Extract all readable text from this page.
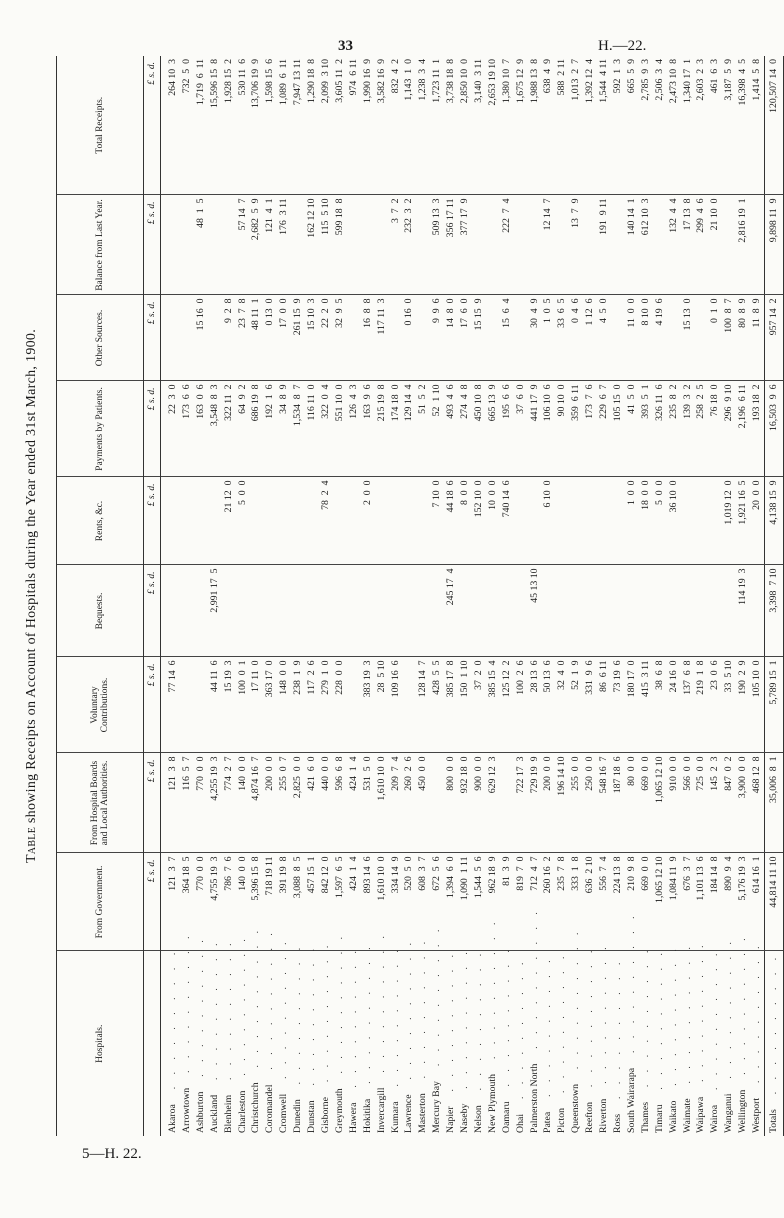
33	H.—22.
Table showing Receipts on Account of Hospitals during the Year ended 31st March, 1900.
Hospitals.	From Government.	From Hospital Boards and Local Authorities.	Voluntary Contributions.	Bequests.	Rents, &c.	Payments by Patients.	Other Sources.	Balance from Last Year.	Total Receipts.
	£ s. d.	£ s. d.	£ s. d.	£ s. d.	£ s. d.	£ s. d.	£ s. d.	£ s. d.	£ s. d.
Akaroa  . . . . . . . . . .	121  3  7	121  3  8	77 14  6			22  3  0			264 10  3
Arrowtown  . . . . . . . . . .	364 18  5	116  5  7				173  6  6			732  5  0
Ashburton  . . . . . . . . . .	770  0  0	770  0  0				163  0  6	15 16  0	48  1  5	1,719  6  11
Auckland  . . . . . . . . . .	4,755 19  3	4,255 19  3	44 11  6	2,991 17  5		3,548  8  3			15,596 15  8
Blenheim  . . . . . . . . . .	786  7  6	774  2  7	15 19  3		21 12  0	322 11  2	9  2  8		1,928 15  2
Charleston  . . . . . . . . . .	140  0  0	140  0  0	100  0  1		5  0  0	64  9  2	23  7  8	57 14  7	530 11  6
Christchurch  . . . . . . . . . .	5,396 15  8	4,874 16  7	17 11  0			686 19  8	48 11  1	2,682  5  9	13,706 19  9
Coromandel  . . . . . . . . . .	718 19 11	200  0  0	363 17  0			192  1  6	0 13  0	121  4  1	1,598 15  6
Cromwell  . . . . . . . . . .	391 19  8	255  0  7	148  0  0			34  8  9	17  0  0	176  3 11	1,089  6  11
Dunedin  . . . . . . . . . .	3,088  8  5	2,825  0  0	238  1  9			1,534  8  7	261 15  9		7,947 13 11
Dunstan  . . . . . . . . . .	457 15  1	421  6  0	117  2  6			116 11  0	15 10  3	162 12 10	1,290 18  8
Gisborne  . . . . . . . . . .	842 12  0	440  0  0	279  1  0		78  2  4	322  0  4	22  2  0	115  5 10	2,099  3 10
Greymouth  . . . . . . . . . .	1,597  6  5	596  6  8	228  0  0			551 10  0	32  9  5	599 18  8	3,605 11  2
Hawera  . . . . . . . . . .	424  1  4	424  1  4				126  4  3			974  6 11
Hokitika  . . . . . . . . . .	893 14  6	531  5  0	383 19  3		2  0  0	163  9  6	16  8  8		1,990 16  9
Invercargill  . . . . . . . . . .	1,610 10  0	1,610 10  0	28  5 10			215 19  8	117 11  3		3,582 16  9
Kumara  . . . . . . . . . .	334 14  9	209  7  4	109 16  6			174 18  0		3  7  2	832  4  2
Lawrence  . . . . . . . . . .	520  5  0	260  2  6				129 14  4	0 16  0	232  3  2	1,143  1  0
Masterton  . . . . . . . . . .	608  3  7	450  0  0	128 14  7			51  5  2			1,238  3  4
Mercury Bay  . . . . . . . . . .	672  5  6		428  5  5		7 10  0	52  1 10	9  9  6	509 13  3	1,723 11  1
Napier  . . . . . . . . . .	1,394  6  0	800  0  0	385 17  8	245 17  4	44 18  6	493  4  6	14  8  0	356 17 11	3,738 18  8
Naseby  . . . . . . . . . .	1,090  1 11	932 18  0	150  1 10		8  0  0	274  4  8	17  6  0	377 17  9	2,850 10  0
Nelson  . . . . . . . . . .	1,544  5  6	900  0  0	37  2  0		152 10  0	450 10  8	15 15  9		3,140  3 11
New Plymouth  . . . . . . . . . .	962 18  9	629 12  3	385 15  4		10  0  0	665 13  9			2,653 19 10
Oamaru  . . . . . . . . . .	81  3  9		125 12  2		740 14  6	195  6  6	15  6  4	222  7  4	1,380 10  7
Ohai  . . . . . . . . . .	819  7  0	722 17  3	100  2  6			37  6  0			1,675 12  9
Palmerston North  . . . . . . . . . .	712  4  7	729 19  9	28 13  6	45 13 10		441 17  9	30  4  9		1,988 13  8
Patea  . . . . . . . . . .	260 16  2	200  0  0	50 13  6		6 10  0	106 10  6	1  0  5	12 14  7	638  4  9
Picton  . . . . . . . . . .	235  7  8	196 14 10	32  4  0			90 10  0	33  6  5		588  2 11
Queenstown  . . . . . . . . . .	333  1  8	255  0  0	52  1  9			359  6 11	0  4  6	13  7  9	1,013  2  7
Reefton  . . . . . . . . . .	636  2 10	250  0  0	331  9  6			173  7  6	1 12  6		1,392 12  4
Riverton  . . . . . . . . . .	556  7  4	548 16  7	86  6 11			229  6  7	4  5  0	191  9 11	1,544  4 11
Ross  . . . . . . . . . .	224 13  8	187 18  6	73 19  6			105 15  0			592  1  3
South Wairarapa  . . . . . . . . . .	210  9  8	80  0  0	180 17  0		1  0  0	41  5  0	11  0  0	140 14  1	665  5  9
Thames  . . . . . . . . . .	669  0  0	669  0  0	415  3 11		18  0  0	393  5  1	8 10  0	612 10  3	2,785  9  3
Timaru  . . . . . . . . . .	1,065 12 10	1,065 12 10	38  6  8		5  0  0	326 11  6	4 19  6		2,506  3  4
Waikato  . . . . . . . . . .	1,084 11  9	910  0  0	24 16  0		36 10  0	235  8  2		132  4  4	2,473 10  8
Waimate  . . . . . . . . . .	676  3  7	566  0  0	137  6  8			139  3  2	15 13  0	17 13  8	1,340 17  1
Waipawa  . . . . . . . . . .	1,101 13  6	725  0  0	219  1  8			258  2  5		299  4  6	2,603  2  3
Wairoa  . . . . . . . . . .	184 14  8	145  2  3	23  0  6			76 18  0	0  1  0	21 10  0	461  6  3
Wanganui  . . . . . . . . . .	890  9  4	847  0  2	33  5 10		1,019 12  0	296  9 10	100  8  7		3,187  5  9
Wellington  . . . . . . . . . .	5,176 19  3	3,900  0  0	190  2  9	114 19  3	1,921 16  5	2,196  6 11	80  8  9	2,816 19  1	16,398  4  5
Westport  . . . . . . . . . .	614 16  1	468 12  8	105 10  0		20  0  0	193 18  2	11  8  9		1,414  5  8
Totals  . . . . . . . . . .	44,814 11 10	35,006  8  1	5,789 15  1	3,398  7 10	4,138 15  9	16,503  9  6	957 14  2	9,898 11  9	120,507 14  0
5—H. 22.
